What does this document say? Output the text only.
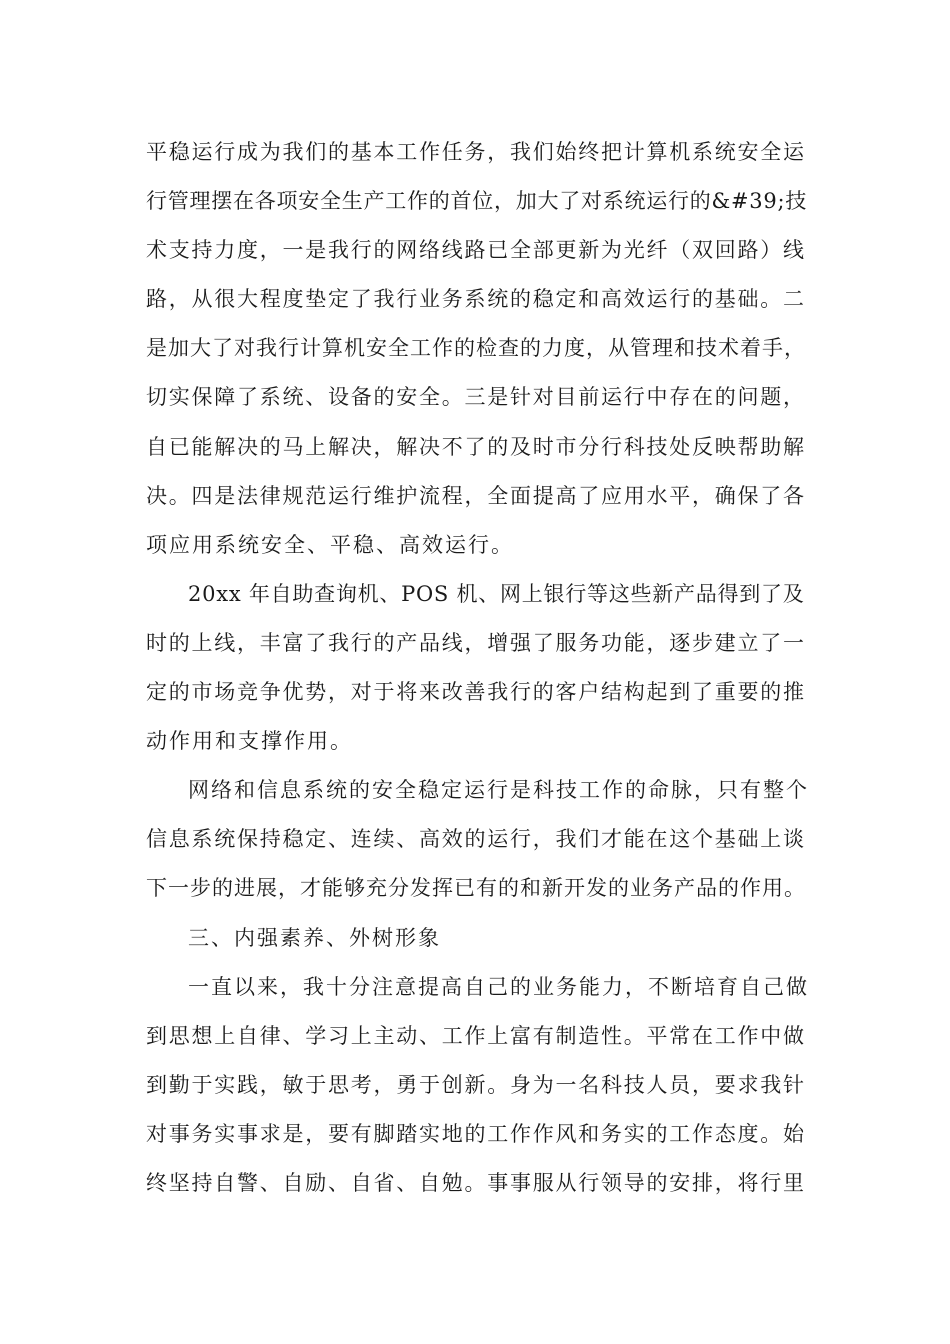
平稳运行成为我们的基本工作任务，我们始终把计算机系统安全运
行管理摆在各项安全生产工作的首位，加大了对系统运行的&#39;技
术支持力度，一是我行的网络线路已全部更新为光纤（双回路）线
路，从很大程度垫定了我行业务系统的稳定和高效运行的基础。二
是加大了对我行计算机安全工作的检查的力度，从管理和技术着手，
切实保障了系统、设备的安全。三是针对目前运行中存在的问题，
自已能解决的马上解决，解决不了的及时市分行科技处反映帮助解
决。四是法律规范运行维护流程，全面提高了应用水平，确保了各
项应用系统安全、平稳、高效运行。
20xx 年自助查询机、POS 机、网上银行等这些新产品得到了及
时的上线，丰富了我行的产品线，增强了服务功能，逐步建立了一
定的市场竞争优势，对于将来改善我行的客户结构起到了重要的推
动作用和支撑作用。
网络和信息系统的安全稳定运行是科技工作的命脉，只有整个
信息系统保持稳定、连续、高效的运行，我们才能在这个基础上谈
下一步的进展，才能够充分发挥已有的和新开发的业务产品的作用。
三、内强素养、外树形象
一直以来，我十分注意提高自己的业务能力，不断培育自己做
到思想上自律、学习上主动、工作上富有制造性。平常在工作中做
到勤于实践，敏于思考，勇于创新。身为一名科技人员，要求我针
对事务实事求是，要有脚踏实地的工作作风和务实的工作态度。始
终坚持自警、自励、自省、自勉。事事服从行领导的安排，将行里
